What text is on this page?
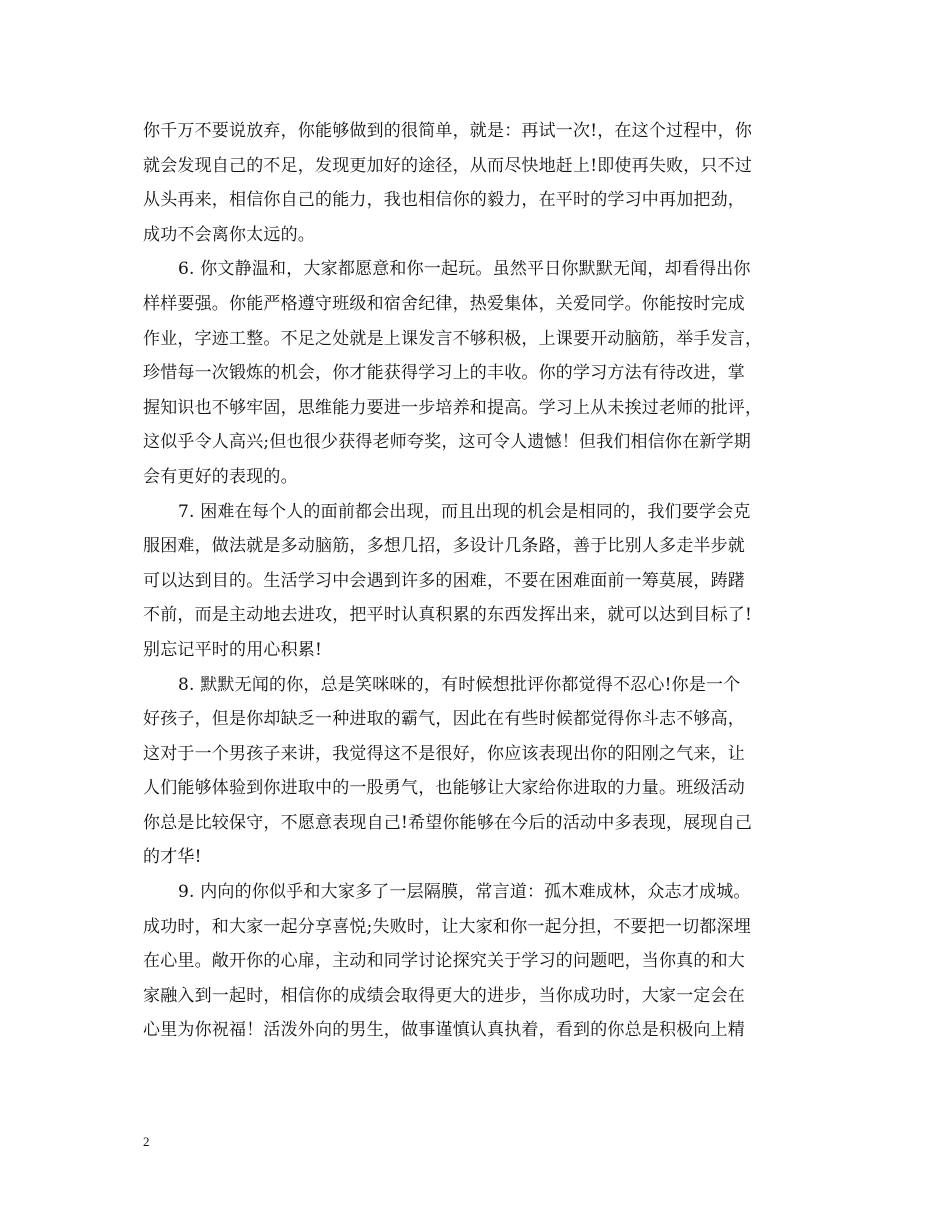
你千万不要说放弃，你能够做到的很简单，就是：再试一次!，在这个过程中，你
就会发现自己的不足，发现更加好的途径，从而尽快地赶上!即使再失败，只不过
从头再来，相信你自己的能力，我也相信你的毅力，在平时的学习中再加把劲，
成功不会离你太远的。
6. 你文静温和，大家都愿意和你一起玩。虽然平日你默默无闻，却看得出你
样样要强。你能严格遵守班级和宿舍纪律，热爱集体，关爱同学。你能按时完成
作业，字迹工整。不足之处就是上课发言不够积极，上课要开动脑筋，举手发言，
珍惜每一次锻炼的机会，你才能获得学习上的丰收。你的学习方法有待改进，掌
握知识也不够牢固，思维能力要进一步培养和提高。学习上从未挨过老师的批评，
这似乎令人高兴;但也很少获得老师夸奖，这可令人遗憾！但我们相信你在新学期
会有更好的表现的。
7. 困难在每个人的面前都会出现，而且出现的机会是相同的，我们要学会克
服困难，做法就是多动脑筋，多想几招，多设计几条路，善于比别人多走半步就
可以达到目的。生活学习中会遇到许多的困难，不要在困难面前一筹莫展，踌躇
不前，而是主动地去进攻，把平时认真积累的东西发挥出来，就可以达到目标了!
别忘记平时的用心积累!
8. 默默无闻的你，总是笑咪咪的，有时候想批评你都觉得不忍心!你是一个
好孩子，但是你却缺乏一种进取的霸气，因此在有些时候都觉得你斗志不够高，
这对于一个男孩子来讲，我觉得这不是很好，你应该表现出你的阳刚之气来，让
人们能够体验到你进取中的一股勇气，也能够让大家给你进取的力量。班级活动
你总是比较保守，不愿意表现自己!希望你能够在今后的活动中多表现，展现自己
的才华!
9. 内向的你似乎和大家多了一层隔膜，常言道：孤木难成林，众志才成城。
成功时，和大家一起分享喜悦;失败时，让大家和你一起分担，不要把一切都深埋
在心里。敞开你的心扉，主动和同学讨论探究关于学习的问题吧，当你真的和大
家融入到一起时，相信你的成绩会取得更大的进步，当你成功时，大家一定会在
心里为你祝福！活泼外向的男生，做事谨慎认真执着，看到的你总是积极向上精
2
